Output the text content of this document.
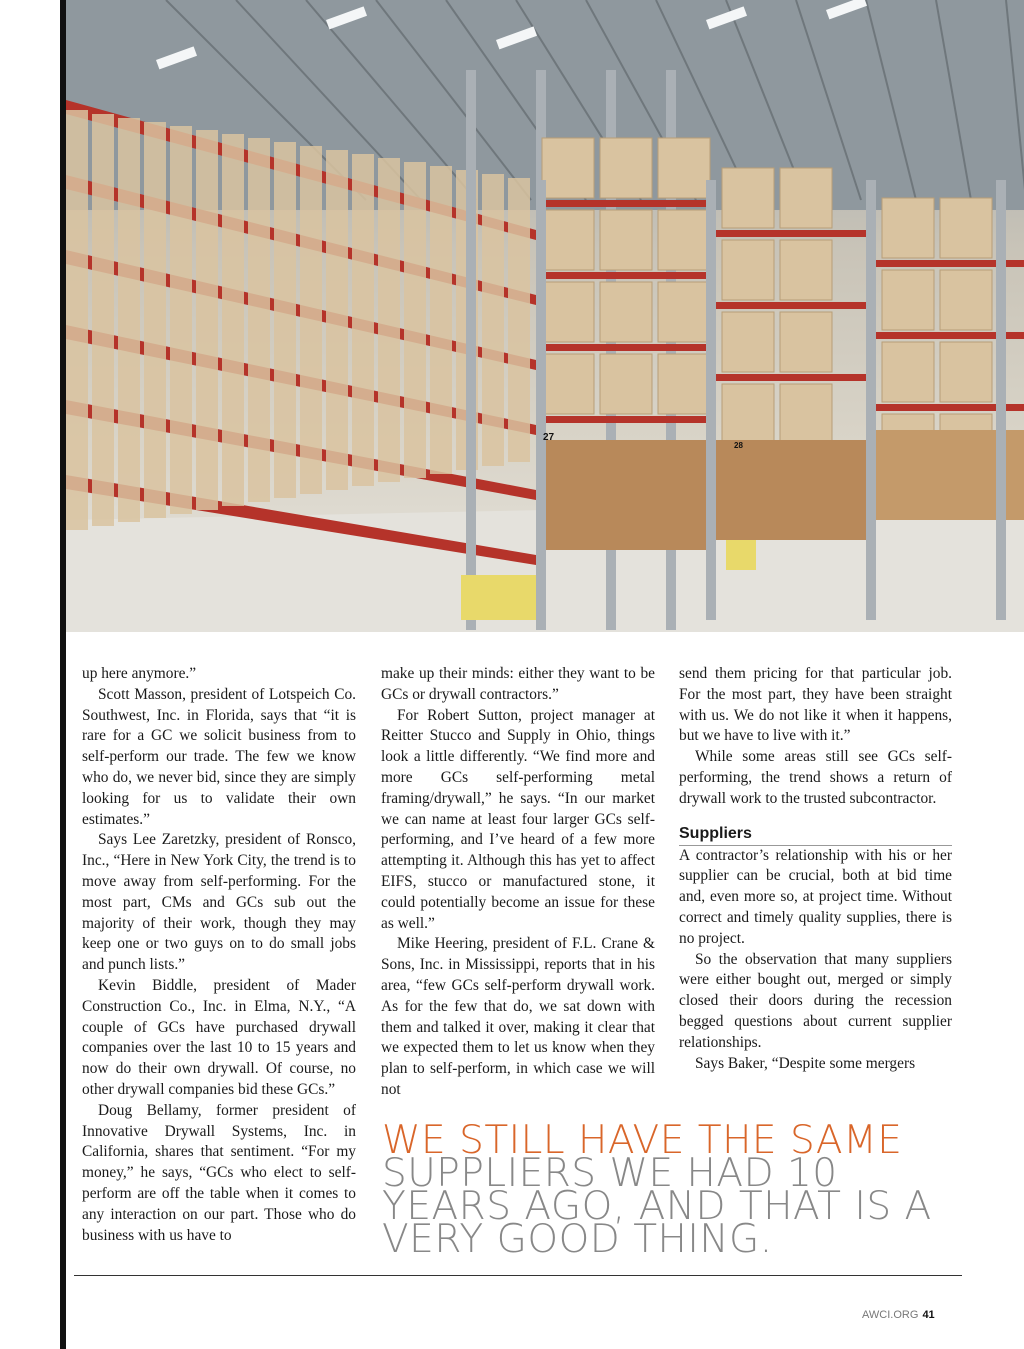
27
28

up here anymore.”

Scott Masson, president of Lotspeich Co. Southwest, Inc. in Florida, says that “it is rare for a GC we solicit business from to self-perform our trade. The few we know who do, we never bid, since they are simply looking for us to validate their own estimates.”

Says Lee Zaretzky, president of Ronsco, Inc., “Here in New York City, the trend is to move away from self-performing. For the most part, CMs and GCs sub out the majority of their work, though they may keep one or two guys on to do small jobs and punch lists.”

Kevin Biddle, president of Mader Construction Co., Inc. in Elma, N.Y., “A couple of GCs have purchased drywall companies over the last 10 to 15 years and now do their own drywall. Of course, no other drywall companies bid these GCs.”

Doug Bellamy, former president of Innovative Drywall Systems, Inc. in California, shares that sentiment. “For my money,” he says, “GCs who elect to self-perform are off the table when it comes to any interaction on our part. Those who do business with us have to

make up their minds: either they want to be GCs or drywall contractors.”

For Robert Sutton, project manager at Reitter Stucco and Supply in Ohio, things look a little differently. “We find more and more GCs self-performing metal framing/drywall,” he says. “In our market we can name at least four larger GCs self-performing, and I’ve heard of a few more attempting it. Although this has yet to affect EIFS, stucco or manufactured stone, it could potentially become an issue for these as well.”

Mike Heering, president of F.L. Crane & Sons, Inc. in Mississippi, reports that in his area, “few GCs self-perform drywall work. As for the few that do, we sat down with them and talked it over, making it clear that we expected them to let us know when they plan to self-perform, in which case we will not

send them pricing for that particular job. For the most part, they have been straight with us. We do not like it when it happens, but we have to live with it.”

While some areas still see GCs self-performing, the trend shows a return of drywall work to the trusted subcontractor.

Suppliers

A contractor’s relationship with his or her supplier can be crucial, both at bid time and, even more so, at project time. Without correct and timely quality supplies, there is no project.

So the observation that many suppliers were either bought out, merged or simply closed their doors during the recession begged questions about current supplier relationships.

Says Baker, “Despite some mergers

WE STILL HAVE THE SAME
SUPPLIERS WE HAD 10 YEARS AGO, AND THAT IS A VERY GOOD THING.
AWCI.ORG 41
